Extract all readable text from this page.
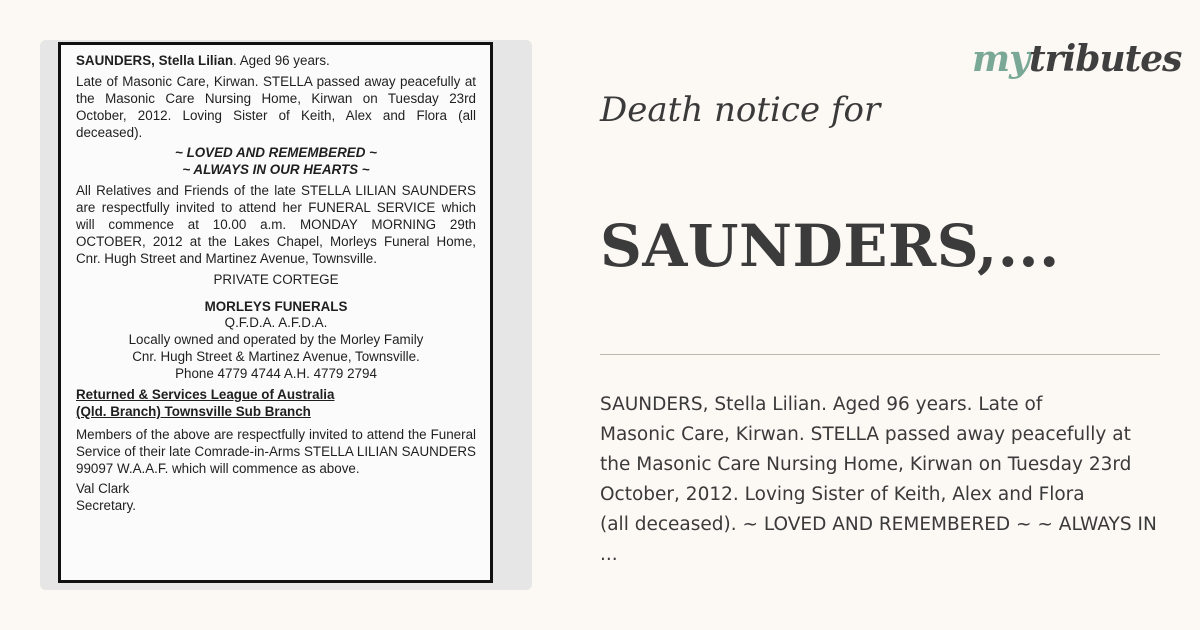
SAUNDERS, Stella Lilian. Aged 96 years.

Late of Masonic Care, Kirwan. STELLA passed away peacefully at the Masonic Care Nursing Home, Kirwan on Tuesday 23rd October, 2012. Loving Sister of Keith, Alex and Flora (all deceased).

~ LOVED AND REMEMBERED ~

~ ALWAYS IN OUR HEARTS ~

All Relatives and Friends of the late STELLA LILIAN SAUNDERS are respectfully invited to attend her FUNERAL SERVICE which will commence at 10.00 a.m. MONDAY MORNING 29th OCTOBER, 2012 at the Lakes Chapel, Morleys Funeral Home, Cnr. Hugh Street and Martinez Avenue, Townsville.

PRIVATE CORTEGE

MORLEYS FUNERALS

Q.F.D.A. A.F.D.A.

Locally owned and operated by the Morley Family

Cnr. Hugh Street & Martinez Avenue, Townsville.

Phone 4779 4744 A.H. 4779 2794

Returned & Services League of Australia

(Qld. Branch) Townsville Sub Branch

Members of the above are respectfully invited to attend the Funeral Service of their late Comrade-in-Arms STELLA LILIAN SAUNDERS 99097 W.A.A.F. which will commence as above.

Val Clark

Secretary.

mytributes
Death notice for
SAUNDERS,...

SAUNDERS, Stella Lilian. Aged 96 years. Late of
Masonic Care, Kirwan. STELLA passed away peacefully at
the Masonic Care Nursing Home, Kirwan on Tuesday 23rd
October, 2012. Loving Sister of Keith, Alex and Flora
(all deceased). ~ LOVED AND REMEMBERED ~ ~ ALWAYS IN
...
